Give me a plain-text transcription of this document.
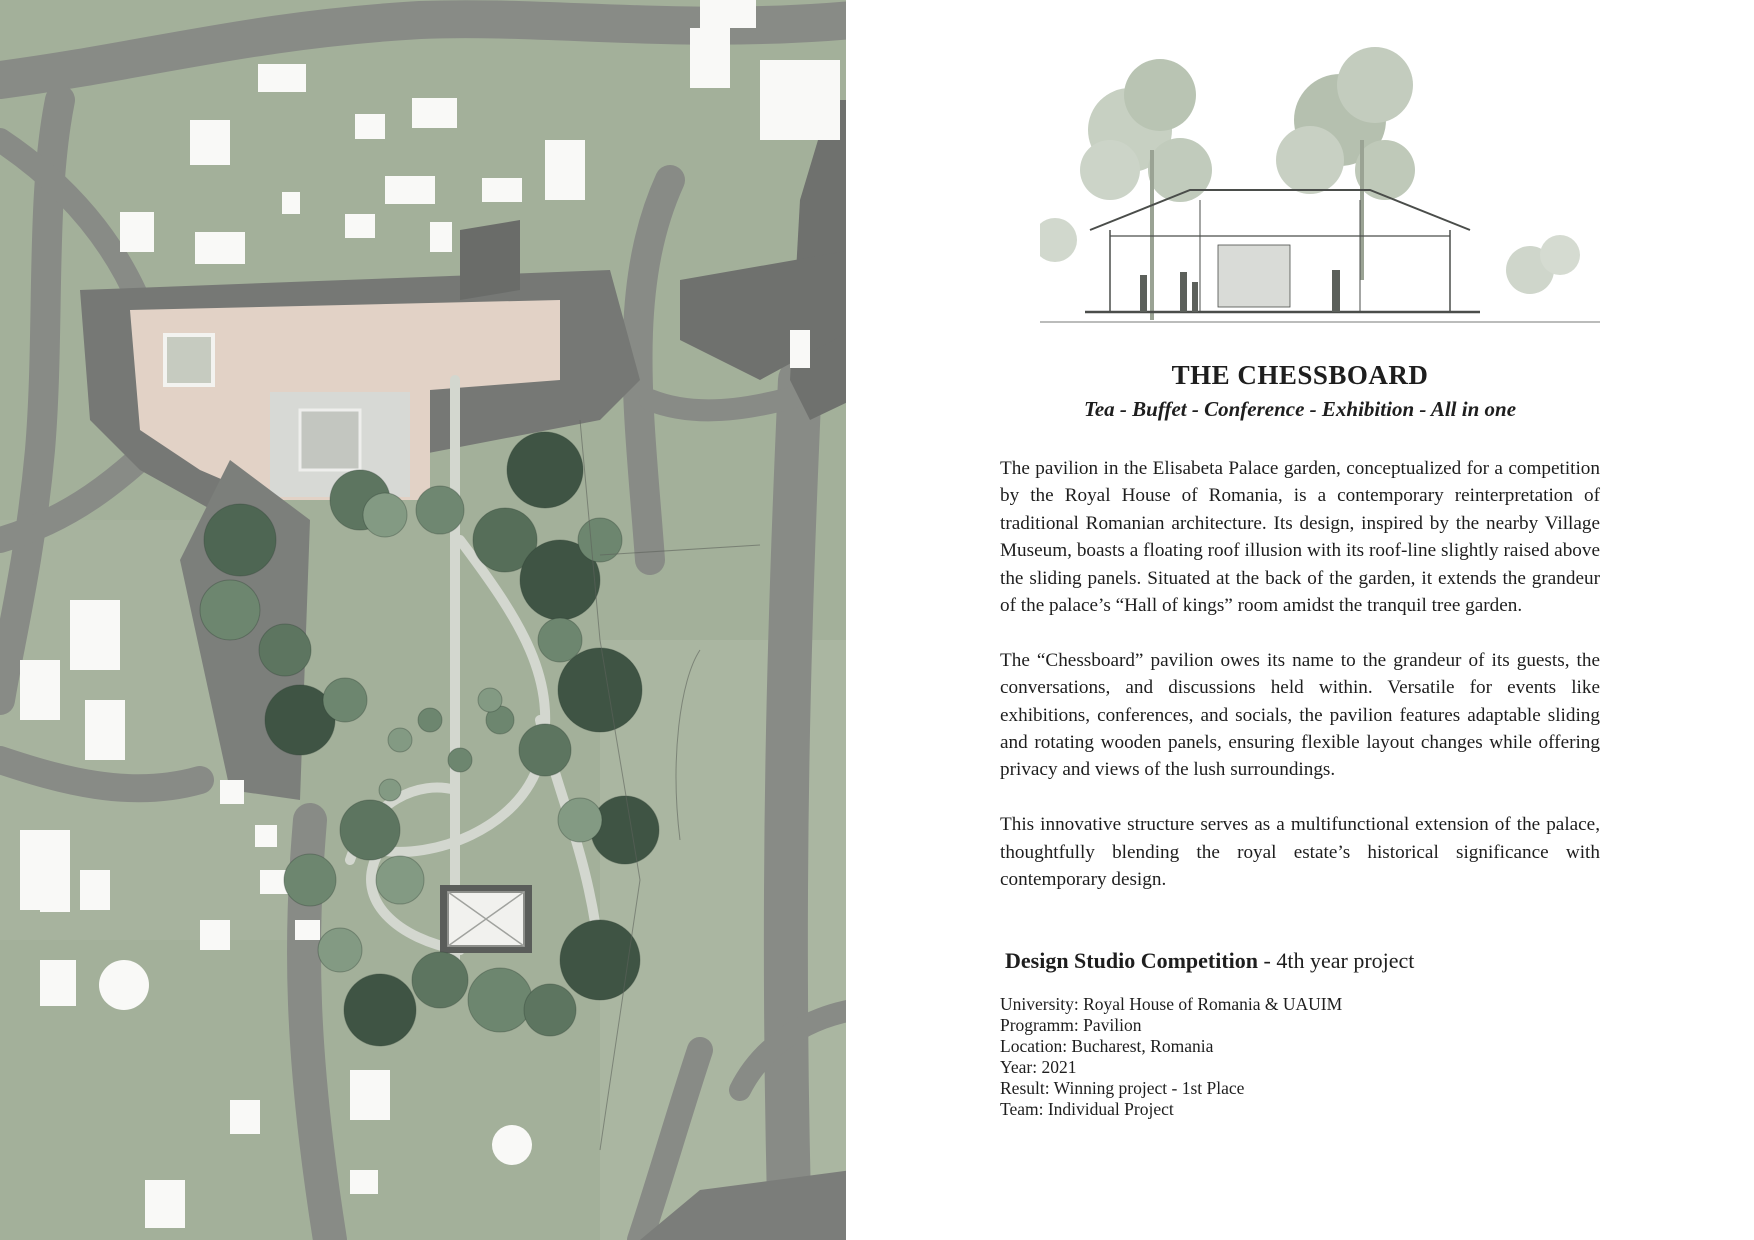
THE CHESSBOARD

Tea - Buffet - Conference - Exhibition - All in one

The pavilion in the Elisabeta Palace garden, conceptualized for a competition by the Royal House of Romania, is a contemporary reinterpretation of traditional Romanian architecture. Its design, inspired by the nearby Village Museum, boasts a floating roof illusion with its roof-line slightly raised above the sliding panels. Situated at the back of the garden, it extends the grandeur of the palace’s “Hall of kings” room amidst the tranquil tree garden.

The “Chessboard” pavilion owes its name to the grandeur of its guests, the conversations, and discussions held within. Versatile for events like exhibitions, conferences, and socials, the pavilion features adaptable sliding and rotating wooden panels, ensuring flexible layout changes while offering privacy and views of the lush surroundings.

This innovative structure serves as a multifunctional extension of the palace, thoughtfully blending the royal estate’s historical significance with contemporary design.

Design Studio Competition - 4th year project
University: Royal House of Romania & UAUIM
Programm: Pavilion
Location: Bucharest, Romania
Year: 2021
Result: Winning project - 1st Place
Team: Individual Project
